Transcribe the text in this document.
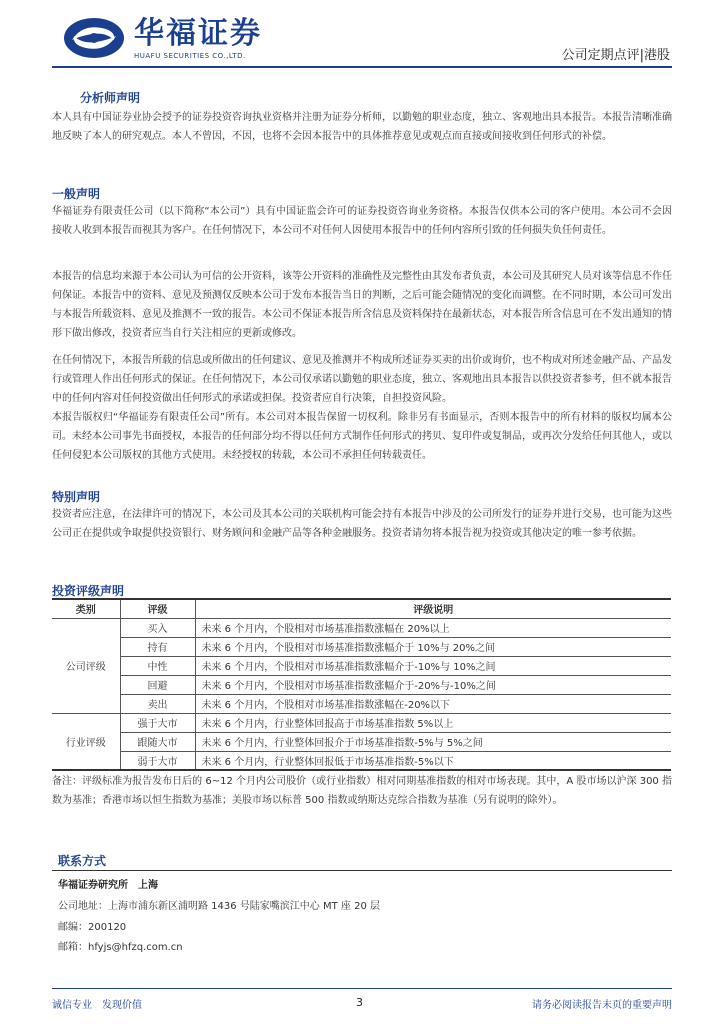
华福证券
HUAFU SECURITIES CO.,LTD.	公司定期点评|港股
分析师声明
本人具有中国证券业协会授予的证券投资咨询执业资格并注册为证券分析师，以勤勉的职业态度，独立、客观地出具本报告。本报告清晰准确地反映了本人的研究观点。本人不曾因，不因，也将不会因本报告中的具体推荐意见或观点而直接或间接收到任何形式的补偿。
一般声明
华福证券有限责任公司（以下简称“本公司”）具有中国证监会许可的证券投资咨询业务资格。本报告仅供本公司的客户使用。本公司不会因接收人收到本报告而视其为客户。在任何情况下，本公司不对任何人因使用本报告中的任何内容所引致的任何损失负任何责任。
本报告的信息均来源于本公司认为可信的公开资料，该等公开资料的准确性及完整性由其发布者负责，本公司及其研究人员对该等信息不作任何保证。本报告中的资料、意见及预测仅反映本公司于发布本报告当日的判断，之后可能会随情况的变化而调整。在不同时期，本公司可发出与本报告所载资料、意见及推测不一致的报告。本公司不保证本报告所含信息及资料保持在最新状态，对本报告所含信息可在不发出通知的情形下做出修改，投资者应当自行关注相应的更新或修改。
在任何情况下，本报告所载的信息或所做出的任何建议、意见及推测并不构成所述证券买卖的出价或询价，也不构成对所述金融产品、产品发行或管理人作出任何形式的保证。在任何情况下，本公司仅承诺以勤勉的职业态度，独立、客观地出具本报告以供投资者参考，但不就本报告中的任何内容对任何投资做出任何形式的承诺或担保。投资者应自行决策，自担投资风险。
本报告版权归“华福证券有限责任公司”所有。本公司对本报告保留一切权利。除非另有书面显示，否则本报告中的所有材料的版权均属本公司。未经本公司事先书面授权，本报告的任何部分均不得以任何方式制作任何形式的拷贝、复印件或复制品，或再次分发给任何其他人，或以任何侵犯本公司版权的其他方式使用。未经授权的转载，本公司不承担任何转载责任。
特别声明
投资者应注意，在法律许可的情况下，本公司及其本公司的关联机构可能会持有本报告中涉及的公司所发行的证券并进行交易，也可能为这些公司正在提供或争取提供投资银行、财务顾问和金融产品等各种金融服务。投资者请勿将本报告视为投资或其他决定的唯一参考依据。
投资评级声明
类别	评级	评级说明
公司评级	买入	未来 6 个月内，个股相对市场基准指数涨幅在 20%以上
	持有	未来 6 个月内，个股相对市场基准指数涨幅介于 10%与 20%之间
	中性	未来 6 个月内，个股相对市场基准指数涨幅介于-10%与 10%之间
	回避	未来 6 个月内，个股相对市场基准指数涨幅介于-20%与-10%之间
	卖出	未来 6 个月内，个股相对市场基准指数涨幅在-20%以下
行业评级	强于大市	未来 6 个月内，行业整体回报高于市场基准指数 5%以上
	跟随大市	未来 6 个月内，行业整体回报介于市场基准指数-5%与 5%之间
	弱于大市	未来 6 个月内，行业整体回报低于市场基准指数-5%以下
备注：评级标准为报告发布日后的 6~12 个月内公司股价（或行业指数）相对同期基准指数的相对市场表现。其中，A 股市场以沪深 300 指数为基准；香港市场以恒生指数为基准；美股市场以标普 500 指数或纳斯达克综合指数为基准（另有说明的除外）。
联系方式
华福证券研究所　上海
公司地址：上海市浦东新区浦明路 1436 号陆家嘴滨江中心 MT 座 20 层
邮编：200120
邮箱：hfyjs@hfzq.com.cn
诚信专业　发现价值	3	请务必阅读报告末页的重要声明
